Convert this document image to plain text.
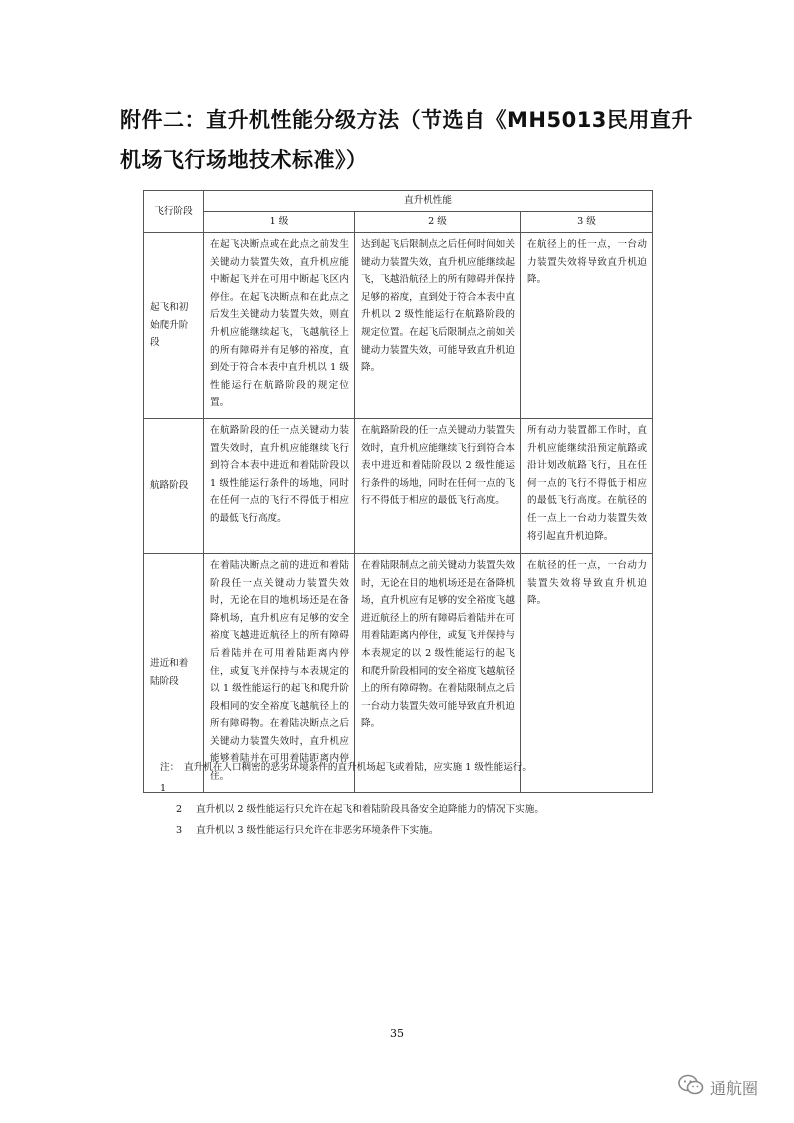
附件二：直升机性能分级方法（节选自《MH5013民用直升机场飞行场地技术标准》）
飞行阶段	直升机性能		
	1 级	2 级	3 级
起飞和初始爬升阶段	在起飞决断点或在此点之前发生关键动力装置失效，直升机应能中断起飞并在可用中断起飞区内停住。在起飞决断点和在此点之后发生关键动力装置失效，则直升机应能继续起飞，飞越航径上的所有障碍并有足够的裕度，直到处于符合本表中直升机以 1 级性能运行在航路阶段的规定位置。	达到起飞后限制点之后任何时间如关键动力装置失效，直升机应能继续起飞，飞越沿航径上的所有障碍并保持足够的裕度，直到处于符合本表中直升机以 2 级性能运行在航路阶段的规定位置。在起飞后限制点之前如关键动力装置失效，可能导致直升机迫降。	在航径上的任一点，一台动力装置失效将导致直升机迫降。
航路阶段	在航路阶段的任一点关键动力装置失效时，直升机应能继续飞行到符合本表中进近和着陆阶段以 1 级性能运行条件的场地，同时在任何一点的飞行不得低于相应的最低飞行高度。	在航路阶段的任一点关键动力装置失效时，直升机应能继续飞行到符合本表中进近和着陆阶段以 2 级性能运行条件的场地，同时在任何一点的飞行不得低于相应的最低飞行高度。	所有动力装置都工作时，直升机应能继续沿预定航路或沿计划改航路飞行，且在任何一点的飞行不得低于相应的最低飞行高度。在航径的任一点上一台动力装置失效将引起直升机迫降。
进近和着陆阶段	在着陆决断点之前的进近和着陆阶段任一点关键动力装置失效时，无论在目的地机场还是在备降机场，直升机应有足够的安全裕度飞越进近航径上的所有障碍后着陆并在可用着陆距离内停住，或复飞并保持与本表规定的以 1 级性能运行的起飞和爬升阶段相同的安全裕度飞越航径上的所有障碍物。在着陆决断点之后关键动力装置失效时，直升机应能够着陆并在可用着陆距离内停住。	在着陆限制点之前关键动力装置失效时，无论在目的地机场还是在备降机场，直升机应有足够的安全裕度飞越进近航径上的所有障碍后着陆并在可用着陆距离内停住，或复飞并保持与本表规定的以 2 级性能运行的起飞和爬升阶段相同的安全裕度飞越航径上的所有障碍物。在着陆限制点之后一台动力装置失效可能导致直升机迫降。	在航径的任一点，一台动力装置失效将导致直升机迫降。
注：1
直升机在人口稠密的恶劣环境条件的直升机场起飞或着陆，应实施 1 级性能运行。
2	直升机以 2 级性能运行只允许在起飞和着陆阶段具备安全迫降能力的情况下实施。
3	直升机以 3 级性能运行只允许在非恶劣环境条件下实施。
35
通航圈
